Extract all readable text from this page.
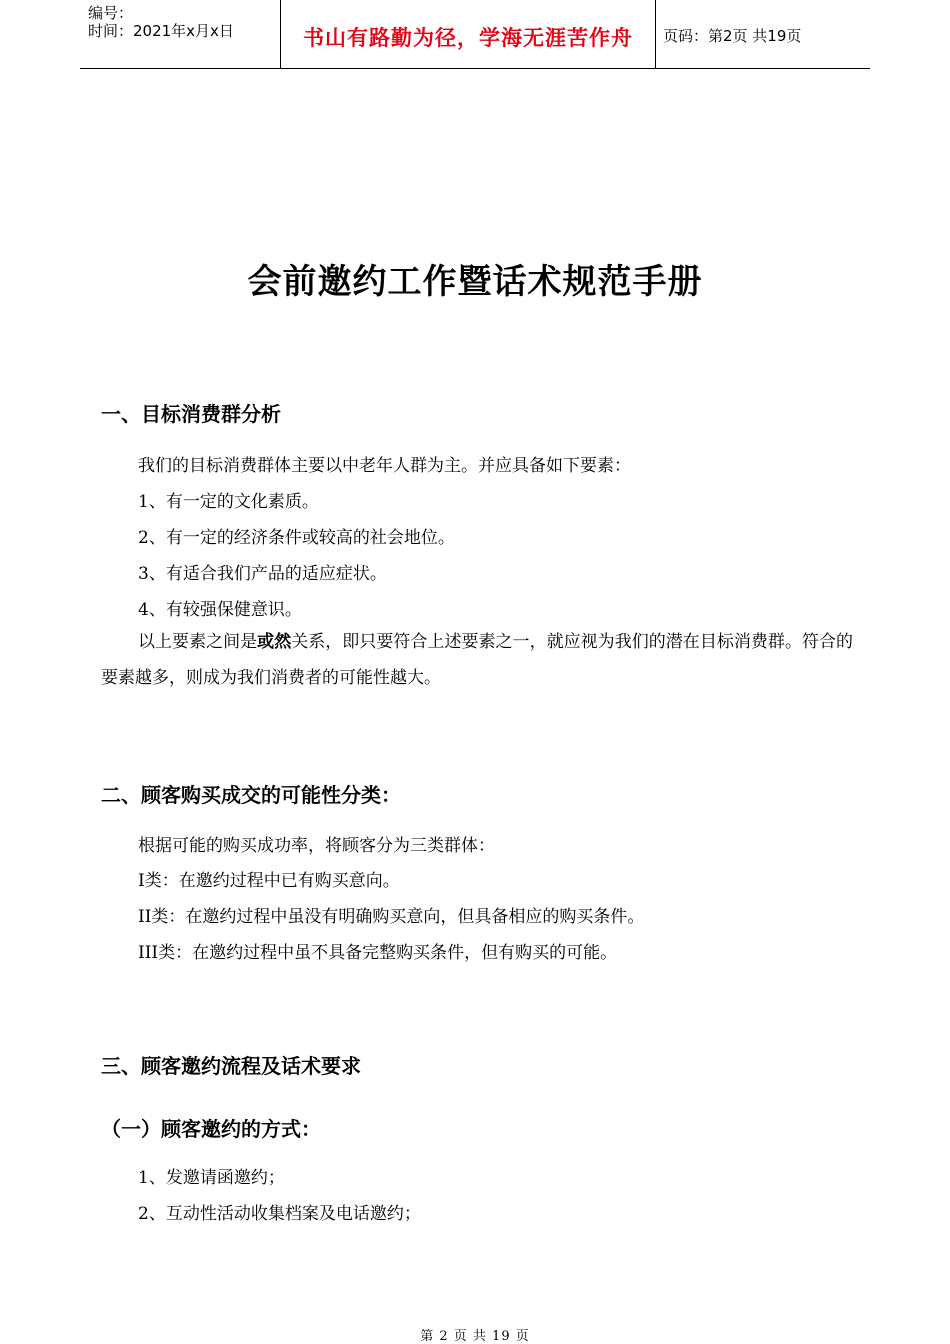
编号：
时间：2021年x月x日	书山有路勤为径，学海无涯苦作舟	页码：第2页 共19页
会前邀约工作暨话术规范手册
一、目标消费群分析
我们的目标消费群体主要以中老年人群为主。并应具备如下要素：
1、有一定的文化素质。
2、有一定的经济条件或较高的社会地位。
3、有适合我们产品的适应症状。
4、有较强保健意识。
以上要素之间是或然关系，即只要符合上述要素之一，就应视为我们的潜在目标消费群。符合的要素越多，则成为我们消费者的可能性越大。
二、顾客购买成交的可能性分类：
根据可能的购买成功率，将顾客分为三类群体：
I类：在邀约过程中已有购买意向。
II类：在邀约过程中虽没有明确购买意向，但具备相应的购买条件。
III类：在邀约过程中虽不具备完整购买条件，但有购买的可能。
三、顾客邀约流程及话术要求
（一）顾客邀约的方式：
1、发邀请函邀约；
2、互动性活动收集档案及电话邀约；
第 2 页 共 19 页
